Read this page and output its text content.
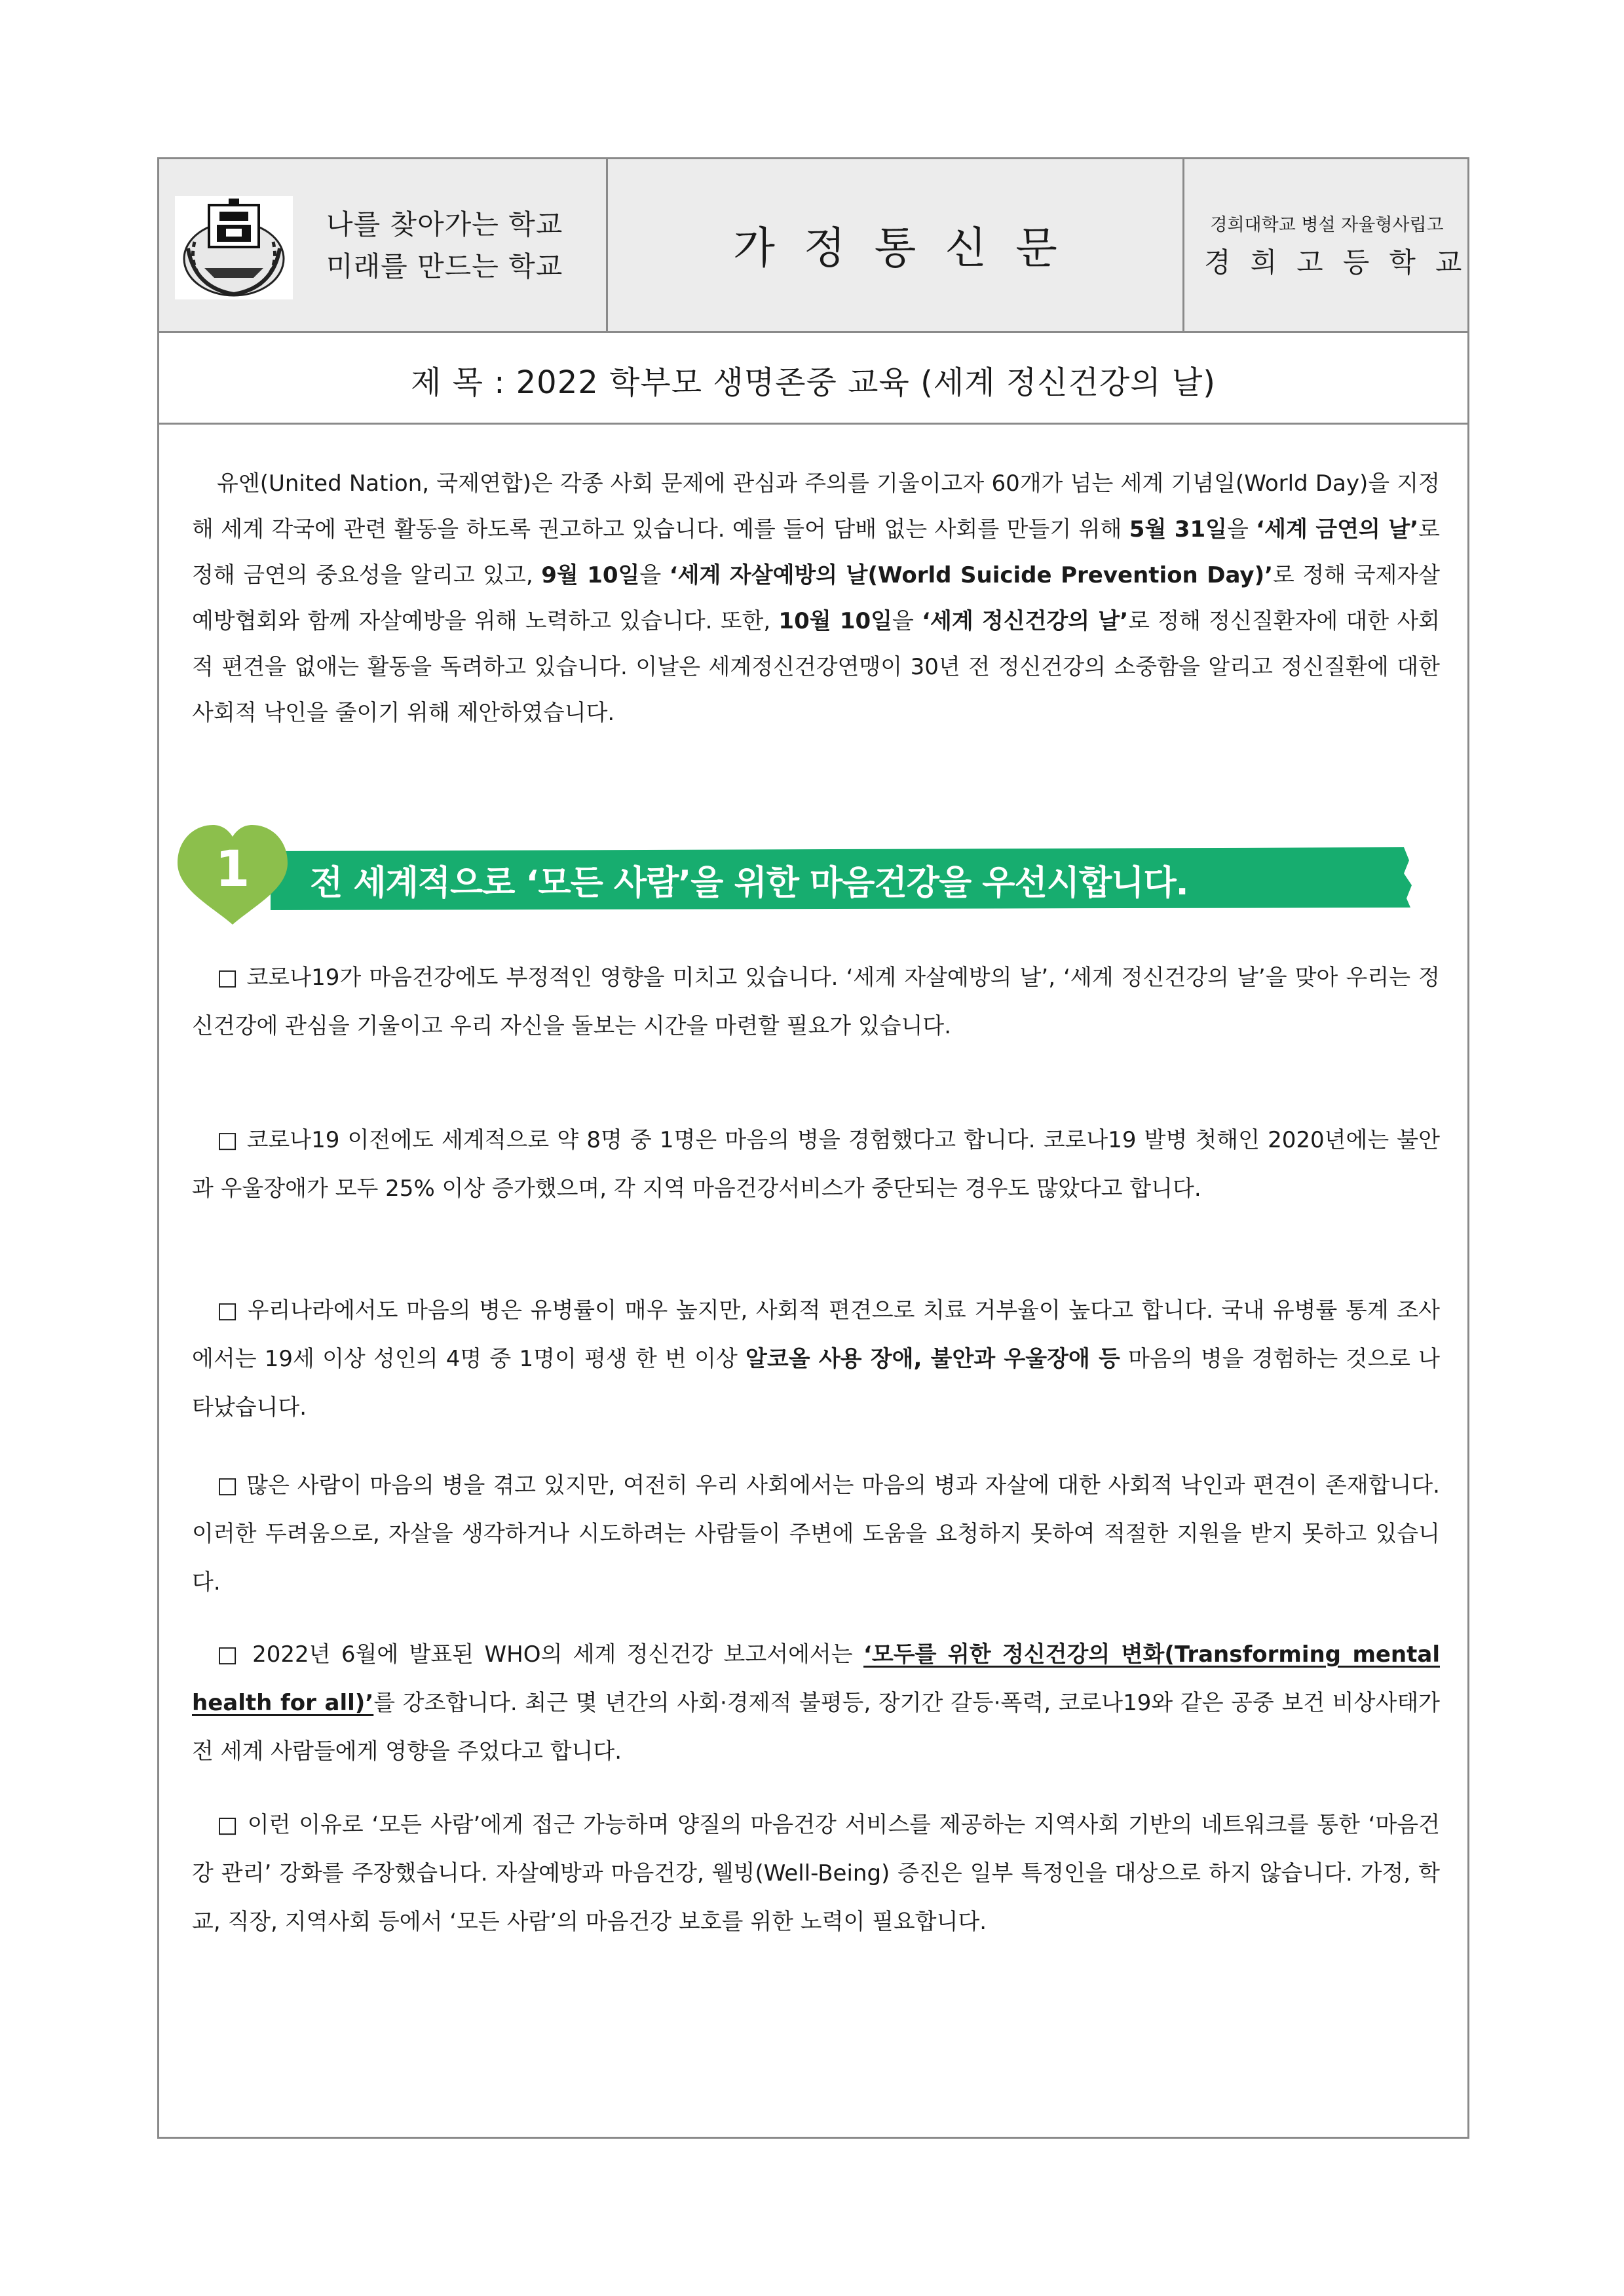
나를 찾아가는 학교
미래를 만드는 학교	가정통신문	경희대학교 병설 자율형사립고
경희고등학교
제 목 : 2022 학부모 생명존중 교육 (세계 정신건강의 날)
유엔(United Nation, 국제연합)은 각종 사회 문제에 관심과 주의를 기울이고자 60개가 넘는 세계 기념일(World Day)을 지정해 세계 각국에 관련 활동을 하도록 권고하고 있습니다. 예를 들어 담배 없는 사회를 만들기 위해 5월 31일을 ‘세계 금연의 날’로 정해 금연의 중요성을 알리고 있고, 9월 10일을 ‘세계 자살예방의 날(World Suicide Prevention Day)’로 정해 국제자살예방협회와 함께 자살예방을 위해 노력하고 있습니다. 또한, 10월 10일을 ‘세계 정신건강의 날’로 정해 정신질환자에 대한 사회적 편견을 없애는 활동을 독려하고 있습니다. 이날은 세계정신건강연맹이 30년 전 정신건강의 소중함을 알리고 정신질환에 대한 사회적 낙인을 줄이기 위해 제안하였습니다.
1 전 세계적으로 ‘모든 사람’을 위한 마음건강을 우선시합니다.
□ 코로나19가 마음건강에도 부정적인 영향을 미치고 있습니다. ‘세계 자살예방의 날’, ‘세계 정신건강의 날’을 맞아 우리는 정신건강에 관심을 기울이고 우리 자신을 돌보는 시간을 마련할 필요가 있습니다.
□ 코로나19 이전에도 세계적으로 약 8명 중 1명은 마음의 병을 경험했다고 합니다. 코로나19 발병 첫해인 2020년에는 불안과 우울장애가 모두 25% 이상 증가했으며, 각 지역 마음건강서비스가 중단되는 경우도 많았다고 합니다.
□ 우리나라에서도 마음의 병은 유병률이 매우 높지만, 사회적 편견으로 치료 거부율이 높다고 합니다. 국내 유병률 통계 조사에서는 19세 이상 성인의 4명 중 1명이 평생 한 번 이상 알코올 사용 장애, 불안과 우울장애 등 마음의 병을 경험하는 것으로 나타났습니다.
□ 많은 사람이 마음의 병을 겪고 있지만, 여전히 우리 사회에서는 마음의 병과 자살에 대한 사회적 낙인과 편견이 존재합니다. 이러한 두려움으로, 자살을 생각하거나 시도하려는 사람들이 주변에 도움을 요청하지 못하여 적절한 지원을 받지 못하고 있습니다.
□ 2022년 6월에 발표된 WHO의 세계 정신건강 보고서에서는 ‘모두를 위한 정신건강의 변화(Transforming mental health for all)’를 강조합니다. 최근 몇 년간의 사회·경제적 불평등, 장기간 갈등·폭력, 코로나19와 같은 공중 보건 비상사태가 전 세계 사람들에게 영향을 주었다고 합니다.
□ 이런 이유로 ‘모든 사람’에게 접근 가능하며 양질의 마음건강 서비스를 제공하는 지역사회 기반의 네트워크를 통한 ‘마음건강 관리’ 강화를 주장했습니다. 자살예방과 마음건강, 웰빙(Well-Being) 증진은 일부 특정인을 대상으로 하지 않습니다. 가정, 학교, 직장, 지역사회 등에서 ‘모든 사람’의 마음건강 보호를 위한 노력이 필요합니다.
